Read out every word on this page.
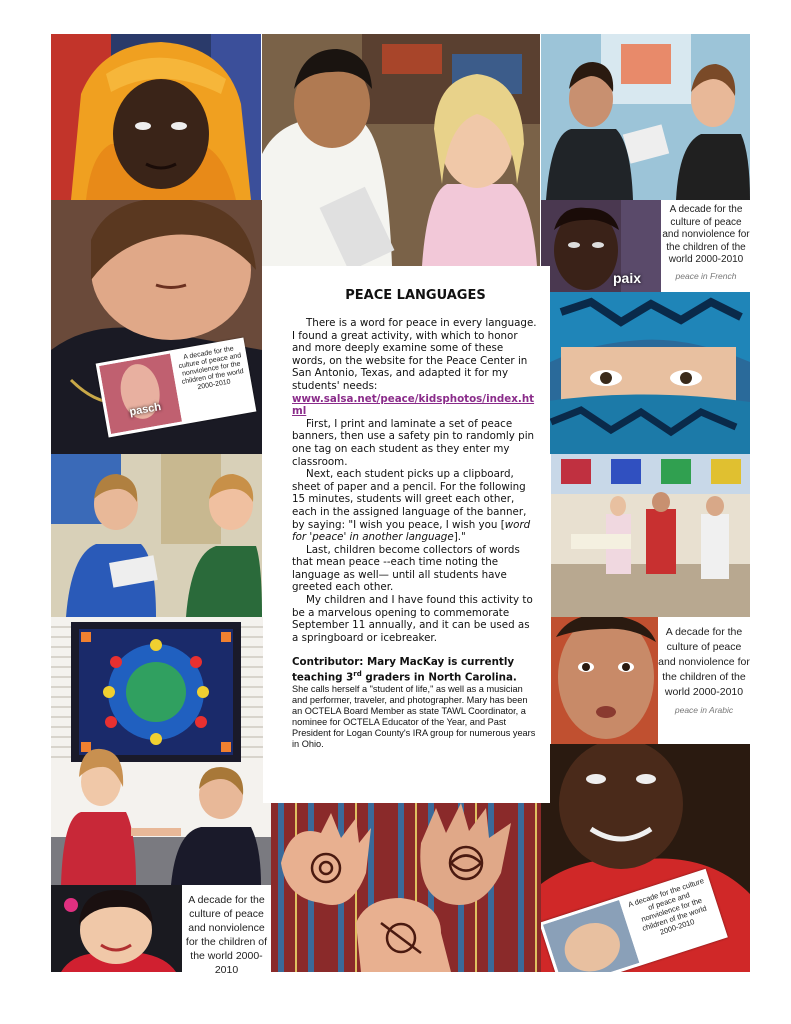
pasch
A decade for the culture of peace and nonviolence for the children of the world 2000-2010
paix
A decade for the culture of peace and nonviolence for the children of the world 2000-2010
peace in French
A decade for the culture of peace and nonviolence for the children of the world 2000-2010
peace in Arabic
A decade for the culture of peace and nonviolence for the children of the world 2000-2010
A decade for the culture of peace and nonviolence for the children of the world 2000-2010
PEACE LANGUAGES

There is a word for peace in every language. I found a great activity, with which to honor and more deeply examine some of these words, on the website for the Peace Center in San Antonio, Texas, and adapted it for my students' needs:

www.salsa.net/peace/kidsphotos/index.html

First, I print and laminate a set of peace banners, then use a safety pin to randomly pin one tag on each student as they enter my classroom.

Next, each student picks up a clipboard, sheet of paper and a pencil. For the following 15 minutes, students will greet each other, each in the assigned language of the banner, by saying: "I wish you peace, I wish you [word for 'peace' in another language]."

Last, children become collectors of words that mean peace --each time noting the language as well— until all students have greeted each other.

My children and I have found this activity to be a marvelous opening to commemorate September 11 annually, and it can be used as a springboard or icebreaker.

Contributor: Mary MacKay is currently teaching 3rd graders in North Carolina.

She calls herself a "student of life," as well as a musician and performer, traveler, and photographer. Mary has been an OCTELA Board Member as state TAWL Coordinator, a nominee for OCTELA Educator of the Year, and Past President for Logan County's IRA group for numerous years in Ohio.
